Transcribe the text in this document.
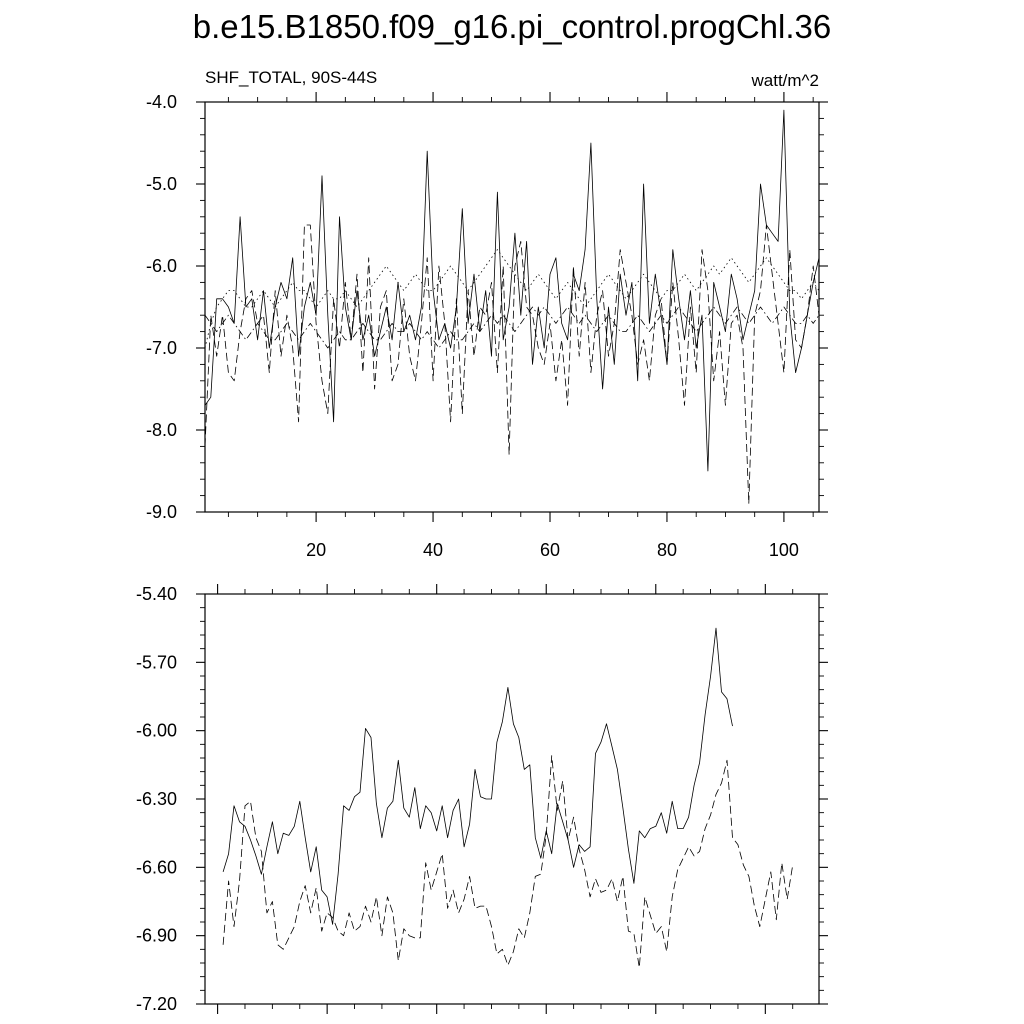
b.e15.B1850.f09_g16.pi_control.progChl.36
SHF_TOTAL, 90S-44S	watt/m^2
-4.0
-5.0
-6.0
-7.0
-8.0
-9.0
20	40	60	80	100
-5.40
-5.70
-6.00
-6.30
-6.60
-6.90
-7.20
